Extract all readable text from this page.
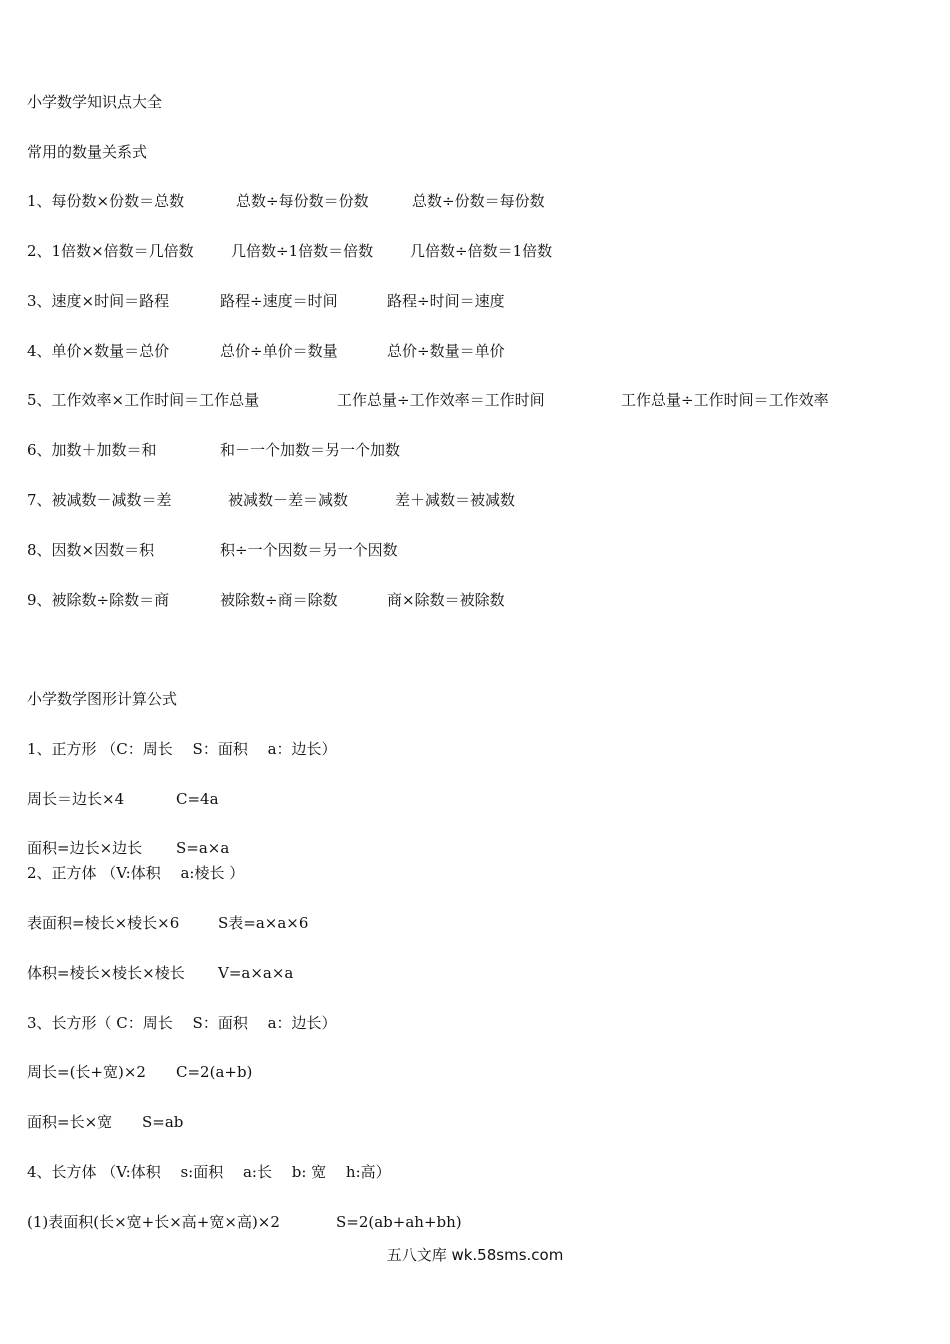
小学数学知识点大全
常用的数量关系式
1、每份数×份数＝总数	总数÷每份数＝份数	总数÷份数＝每份数
2、1倍数×倍数＝几倍数 几倍数÷1倍数＝倍数 几倍数÷倍数＝1倍数
3、速度×时间＝路程	路程÷速度＝时间	路程÷时间＝速度
4、单价×数量＝总价	总价÷单价＝数量	总价÷数量＝单价
5、工作效率×工作时间＝工作总量	工作总量÷工作效率＝工作时间	工作总量÷工作时间＝工作效率
6、加数＋加数＝和	和－一个加数＝另一个加数
7、被减数－减数＝差	被减数－差＝减数	差＋减数＝被减数
8、因数×因数＝积	积÷一个因数＝另一个因数
9、被除数÷除数＝商	被除数÷商＝除数	商×除数＝被除数
小学数学图形计算公式
1、正方形 （C：周长 　S：面积 　a：边长）
周长＝边长×4	C=4a
面积=边长×边长 S=a×a
2、正方体 （V:体积 　a:棱长 ）
表面积=棱长×棱长×6	S表=a×a×6
体积=棱长×棱长×棱长 V=a×a×a
3、长方形（ C：周长 　S：面积 　a：边长）
周长=(长+宽)×2 C=2(a+b)
面积=长×宽 S=ab
4、长方体 （V:体积 　s:面积 　a:长 　b: 宽 　h:高）
(1)表面积(长×宽+长×高+宽×高)×2	S=2(ab+ah+bh)
五八文库 wk.58sms.com
